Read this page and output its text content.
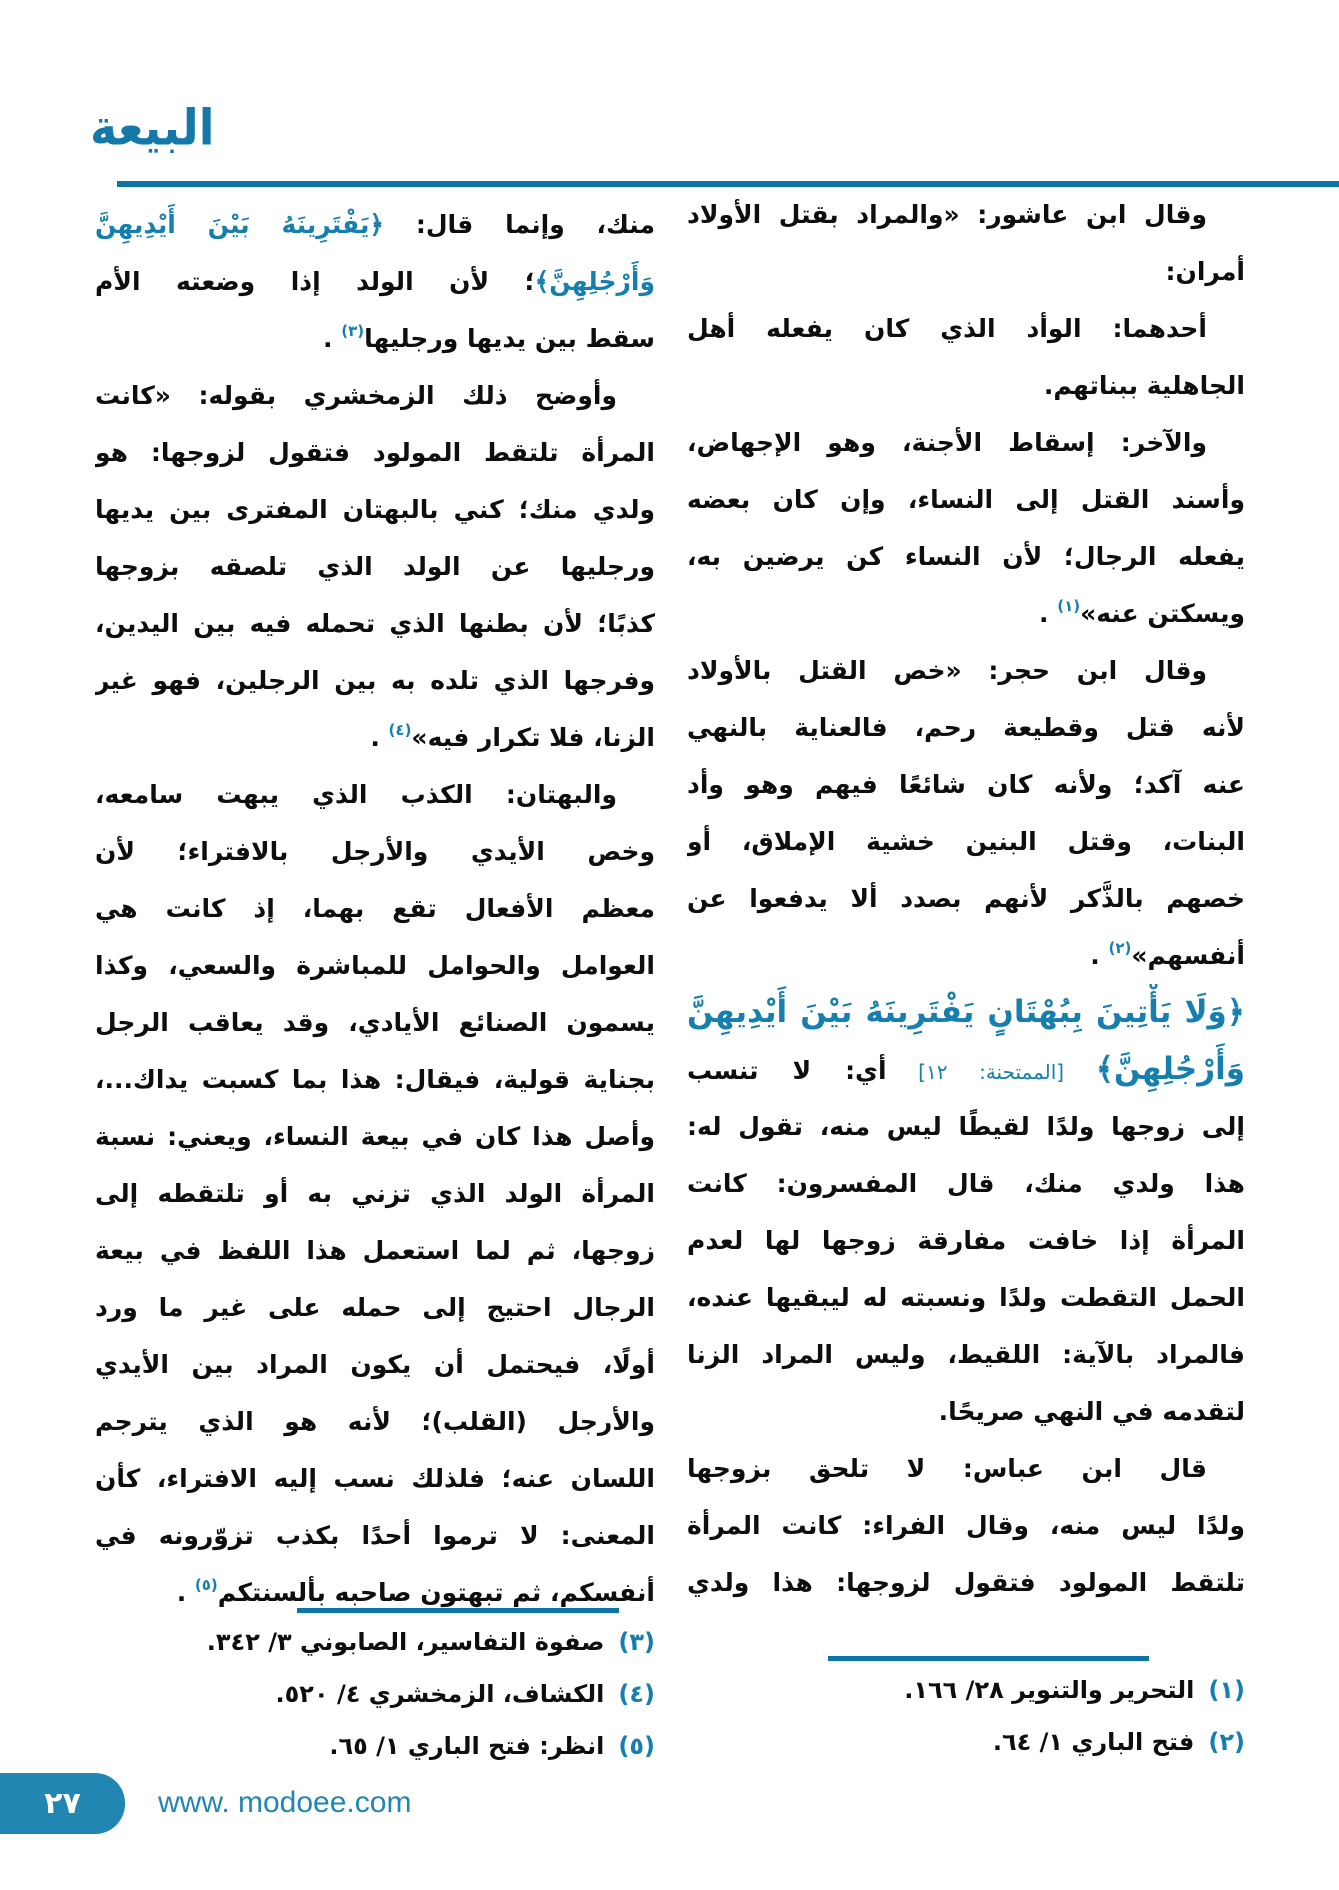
البيعة
وقال ابن عاشور: «والمراد بقتل الأولاد
أمران:
أحدهما: الوأد الذي كان يفعله أهل
الجاهلية ببناتهم.
والآخر: إسقاط الأجنة، وهو الإجهاض،
وأسند القتل إلى النساء، وإن كان بعضه
يفعله الرجال؛ لأن النساء كن يرضين به،
ويسكتن عنه»$^{(١)}$ .
وقال ابن حجر: «خص القتل بالأولاد
لأنه قتل وقطيعة رحم، فالعناية بالنهي
عنه آكد؛ ولأنه كان شائعًا فيهم وهو وأد
البنات، وقتل البنين خشية الإملاق، أو
خصهم بالذَّكر لأنهم بصدد ألا يدفعوا عن
أنفسهم»$^{(٢)}$ .
﴿وَلَا يَأْتِينَ بِبُهْتَانٍ يَفْتَرِينَهُ بَيْنَ أَيْدِيهِنَّ
وَأَرْجُلِهِنَّ﴾ [الممتحنة: ١٢] أي: لا تنسب
إلى زوجها ولدًا لقيطًا ليس منه، تقول له:
هذا ولدي منك، قال المفسرون: كانت
المرأة إذا خافت مفارقة زوجها لها لعدم
الحمل التقطت ولدًا ونسبته له ليبقيها عنده،
فالمراد بالآية: اللقيط، وليس المراد الزنا
لتقدمه في النهي صريحًا.
قال ابن عباس: لا تلحق بزوجها
ولدًا ليس منه، وقال الفراء: كانت المرأة
تلتقط المولود فتقول لزوجها: هذا ولدي
منك، وإنما قال: ﴿يَفْتَرِينَهُ بَيْنَ أَيْدِيهِنَّ
وَأَرْجُلِهِنَّ﴾؛ لأن الولد إذا وضعته الأم
سقط بين يديها ورجليها$^{(٣)}$ .
وأوضح ذلك الزمخشري بقوله: «كانت
المرأة تلتقط المولود فتقول لزوجها: هو
ولدي منك؛ كني بالبهتان المفترى بين يديها
ورجليها عن الولد الذي تلصقه بزوجها
كذبًا؛ لأن بطنها الذي تحمله فيه بين اليدين،
وفرجها الذي تلده به بين الرجلين، فهو غير
الزنا، فلا تكرار فيه»$^{(٤)}$ .
والبهتان: الكذب الذي يبهت سامعه،
وخص الأيدي والأرجل بالافتراء؛ لأن
معظم الأفعال تقع بهما، إذ كانت هي
العوامل والحوامل للمباشرة والسعي، وكذا
يسمون الصنائع الأيادي، وقد يعاقب الرجل
بجناية قولية، فيقال: هذا بما كسبت يداك...،
وأصل هذا كان في بيعة النساء، ويعني: نسبة
المرأة الولد الذي تزني به أو تلتقطه إلى
زوجها، ثم لما استعمل هذا اللفظ في بيعة
الرجال احتيج إلى حمله على غير ما ورد
أولًا، فيحتمل أن يكون المراد بين الأيدي
والأرجل (القلب)؛ لأنه هو الذي يترجم
اللسان عنه؛ فلذلك نسب إليه الافتراء، كأن
المعنى: لا ترموا أحدًا بكذب تزوّرونه في
أنفسكم، ثم تبهتون صاحبه بألسنتكم$^{(٥)}$ .
(٣)صفوة التفاسير، الصابوني ٣/ ٣٤٢.
(٤)الكشاف، الزمخشري ٤/ ٥٢٠.
(٥)انظر: فتح الباري ١/ ٦٥.
(١)التحرير والتنوير ٢٨/ ١٦٦.
(٢)فتح الباري ١/ ٦٤.
٢٧	www. modoee.com
